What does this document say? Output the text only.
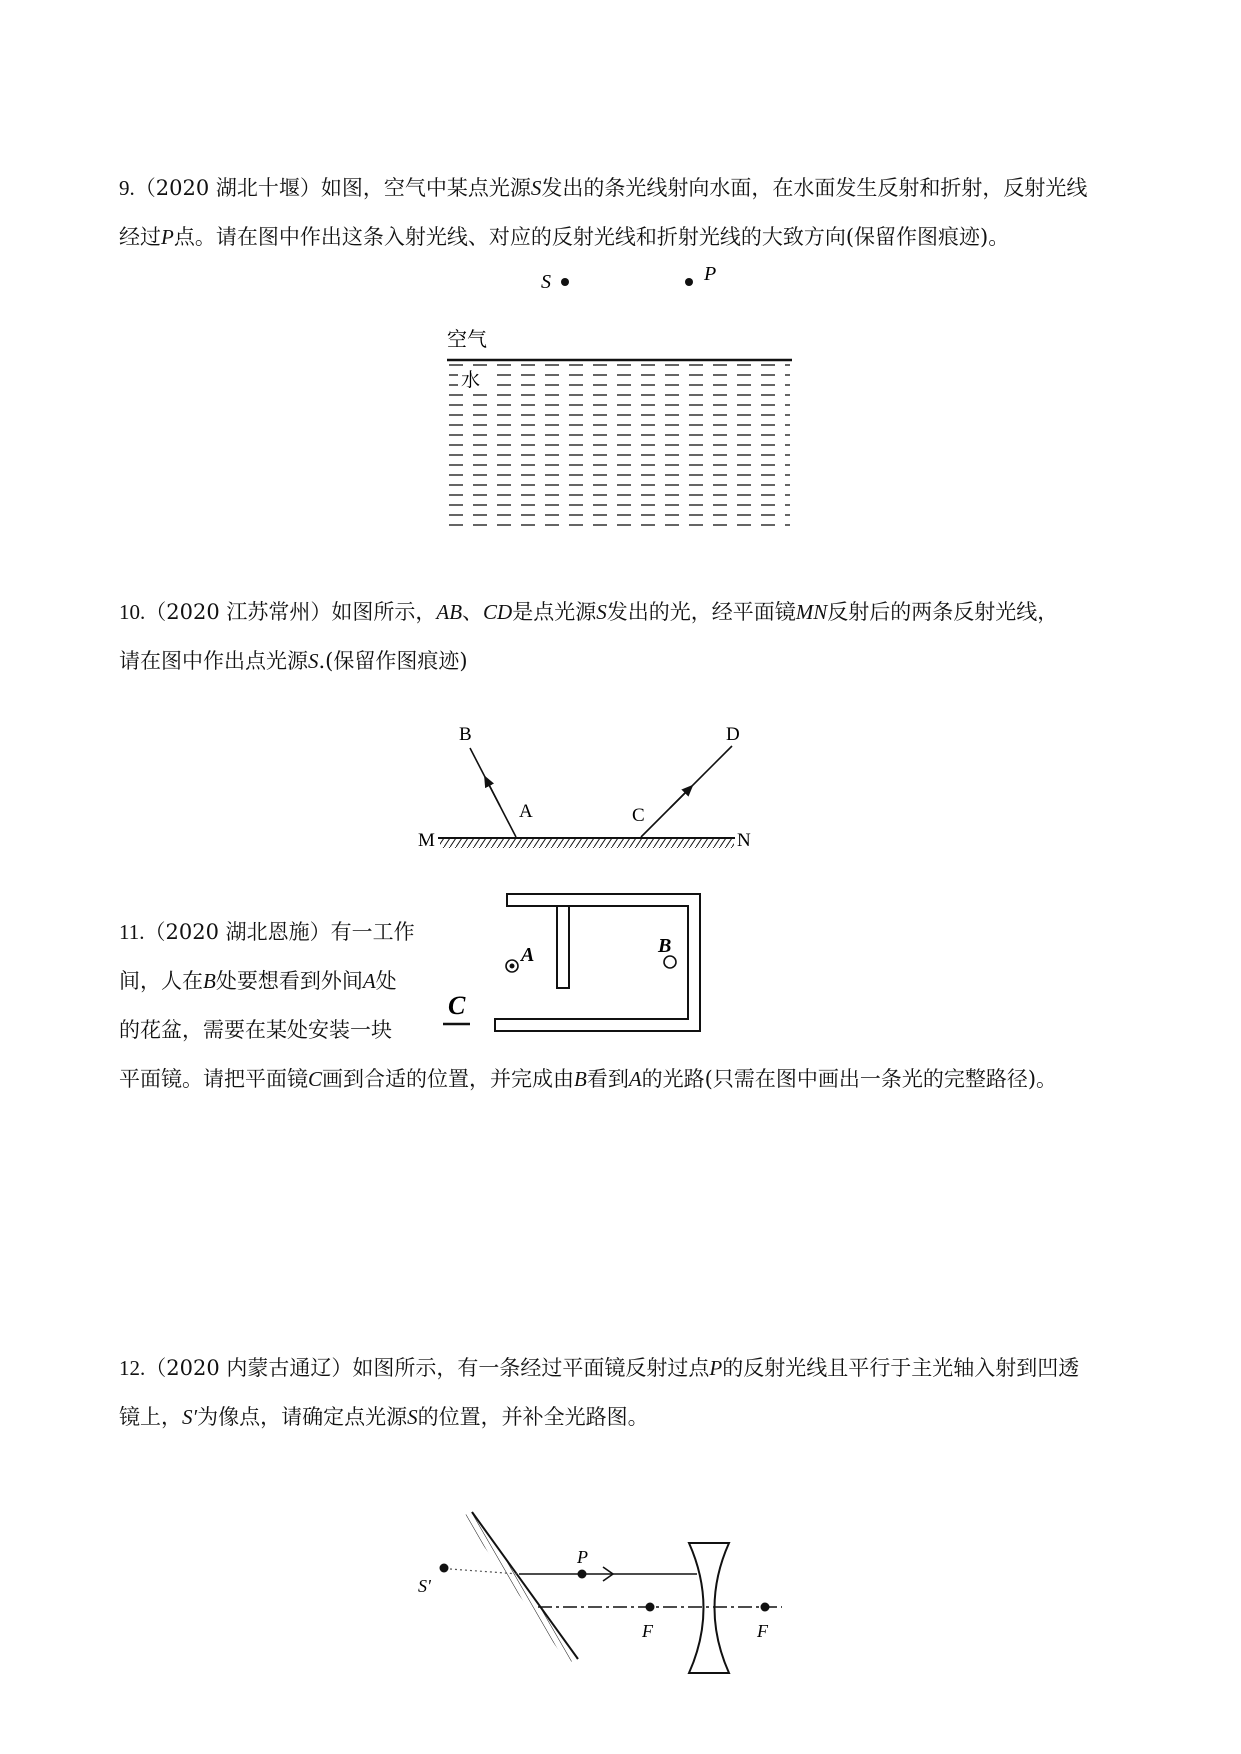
9.（2020 湖北十堰）如图，空气中某点光源S发出的条光线射向水面，在水面发生反射和折射，反射光线

经过P点。请在图中作出这条入射光线、对应的反射光线和折射光线的大致方向(保留作图痕迹)。

S	P
空气
水

10.（2020 江苏常州）如图所示，AB、CD是点光源S发出的光，经平面镜MN反射后的两条反射光线，

请在图中作出点光源S.(保留作图痕迹)

M	N
B
A
D
C

11.（2020 湖北恩施）有一工作

间，人在B处要想看到外间A处

的花盆，需要在某处安装一块

平面镜。请把平面镜C画到合适的位置，并完成由B看到A的光路(只需在图中画出一条光的完整路径)。

A	B
C

12.（2020 内蒙古通辽）如图所示，有一条经过平面镜反射过点P的反射光线且平行于主光轴入射到凹透

镜上，S′为像点，请确定点光源S的位置，并补全光路图。

S'
P
F	F
